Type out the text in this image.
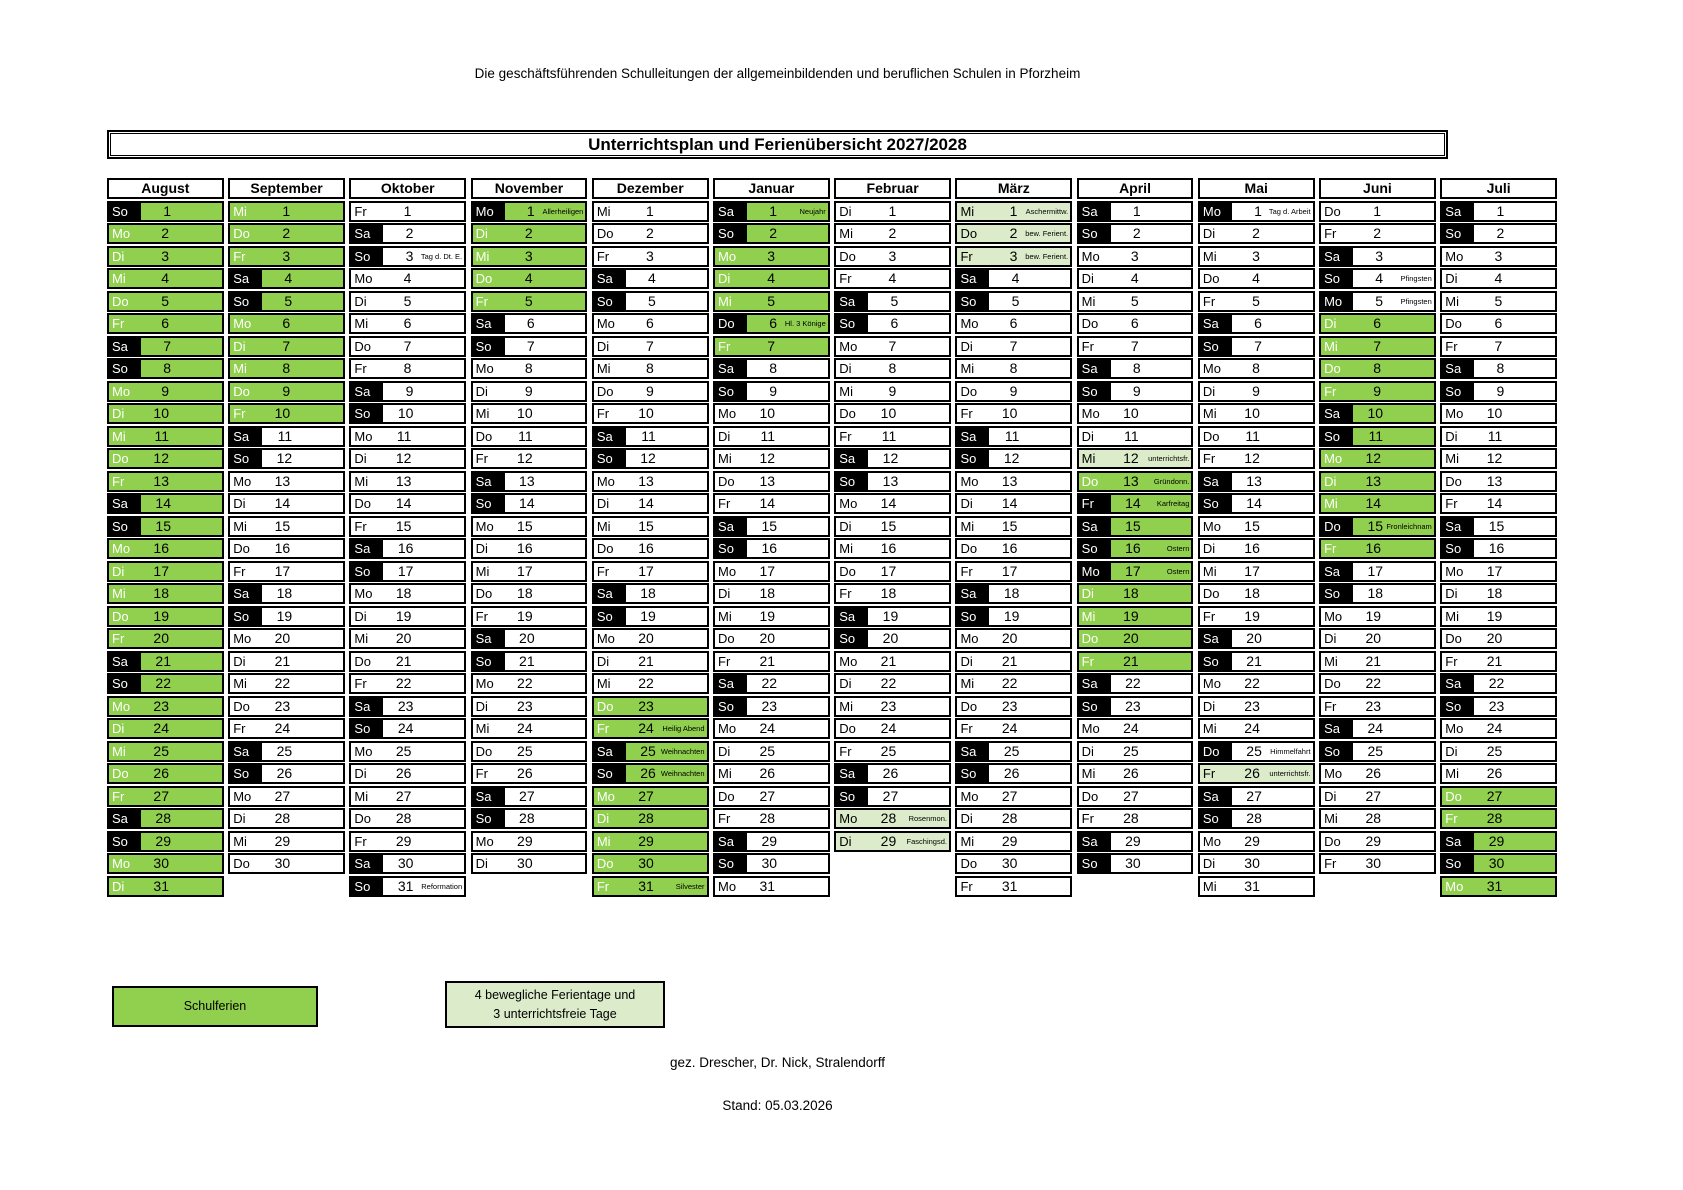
Die geschäftsführenden Schulleitungen der allgemeinbildenden und beruflichen Schulen in Pforzheim
Unterrichtsplan und Ferienübersicht 2027/2028
August
So	1
Mo	2
Di	3
Mi	4
Do	5
Fr	6
Sa	7
So	8
Mo	9
Di	10
Mi	11
Do	12
Fr	13
Sa	14
So	15
Mo	16
Di	17
Mi	18
Do	19
Fr	20
Sa	21
So	22
Mo	23
Di	24
Mi	25
Do	26
Fr	27
Sa	28
So	29
Mo	30
Di	31
September
Mi	1
Do	2
Fr	3
Sa	4
So	5
Mo	6
Di	7
Mi	8
Do	9
Fr	10
Sa	11
So	12
Mo	13
Di	14
Mi	15
Do	16
Fr	17
Sa	18
So	19
Mo	20
Di	21
Mi	22
Do	23
Fr	24
Sa	25
So	26
Mo	27
Di	28
Mi	29
Do	30
Oktober
Fr	1
Sa	2
So	3 Tag d. Dt. E.
Mo	4
Di	5
Mi	6
Do	7
Fr	8
Sa	9
So	10
Mo	11
Di	12
Mi	13
Do	14
Fr	15
Sa	16
So	17
Mo	18
Di	19
Mi	20
Do	21
Fr	22
Sa	23
So	24
Mo	25
Di	26
Mi	27
Do	28
Fr	29
Sa	30
So	31	Reformation
November
Mo	1	Allerheiligen
Di	2
Mi	3
Do	4
Fr	5
Sa	6
So	7
Mo	8
Di	9
Mi	10
Do	11
Fr	12
Sa	13
So	14
Mo	15
Di	16
Mi	17
Do	18
Fr	19
Sa	20
So	21
Mo	22
Di	23
Mi	24
Do	25
Fr	26
Sa	27
So	28
Mo	29
Di	30
Dezember
Mi	1
Do	2
Fr	3
Sa	4
So	5
Mo	6
Di	7
Mi	8
Do	9
Fr	10
Sa	11
So	12
Mo	13
Di	14
Mi	15
Do	16
Fr	17
Sa	18
So	19
Mo	20
Di	21
Mi	22
Do	23
Fr	24	Heilig Abend
Sa	25 Weihnachten
So	26 Weihnachten
Mo	27
Di	28
Mi	29
Do	30
Fr	31	Silvester
Januar
Sa	1	Neujahr
So	2
Mo	3
Di	4
Mi	5
Do	6	Hl. 3 Könige
Fr	7
Sa	8
So	9
Mo	10
Di	11
Mi	12
Do	13
Fr	14
Sa	15
So	16
Mo	17
Di	18
Mi	19
Do	20
Fr	21
Sa	22
So	23
Mo	24
Di	25
Mi	26
Do	27
Fr	28
Sa	29
So	30
Mo	31
Februar
Di	1
Mi	2
Do	3
Fr	4
Sa	5
So	6
Mo	7
Di	8
Mi	9
Do	10
Fr	11
Sa	12
So	13
Mo	14
Di	15
Mi	16
Do	17
Fr	18
Sa	19
So	20
Mo	21
Di	22
Mi	23
Do	24
Fr	25
Sa	26
So	27
Mo	28	Rosenmon.
Di	29	Faschingsd.
März
Mi	1	Aschermittw.
Do	2	bew. Ferient.
Fr	3	bew. Ferient.
Sa	4
So	5
Mo	6
Di	7
Mi	8
Do	9
Fr	10
Sa	11
So	12
Mo	13
Di	14
Mi	15
Do	16
Fr	17
Sa	18
So	19
Mo	20
Di	21
Mi	22
Do	23
Fr	24
Sa	25
So	26
Mo	27
Di	28
Mi	29
Do	30
Fr	31
April
Sa	1
So	2
Mo	3
Di	4
Mi	5
Do	6
Fr	7
Sa	8
So	9
Mo	10
Di	11
Mi	12	unterrichtsfr.
Do	13	Gründonn.
Fr	14	Karfreitag
Sa	15
So	16	Ostern
Mo	17	Ostern
Di	18
Mi	19
Do	20
Fr	21
Sa	22
So	23
Mo	24
Di	25
Mi	26
Do	27
Fr	28
Sa	29
So	30
Mai
Mo	1 Tag d. Arbeit
Di	2
Mi	3
Do	4
Fr	5
Sa	6
So	7
Mo	8
Di	9
Mi	10
Do	11
Fr	12
Sa	13
So	14
Mo	15
Di	16
Mi	17
Do	18
Fr	19
Sa	20
So	21
Mo	22
Di	23
Mi	24
Do	25	Himmelfahrt
Fr	26	unterrichtsfr.
Sa	27
So	28
Mo	29
Di	30
Mi	31
Juni
Do	1
Fr	2
Sa	3
So	4	Pfingsten
Mo	5	Pfingsten
Di	6
Mi	7
Do	8
Fr	9
Sa	10
So	11
Mo	12
Di	13
Mi	14
Do	15 Fronleichnam
Fr	16
Sa	17
So	18
Mo	19
Di	20
Mi	21
Do	22
Fr	23
Sa	24
So	25
Mo	26
Di	27
Mi	28
Do	29
Fr	30
Juli
Sa	1
So	2
Mo	3
Di	4
Mi	5
Do	6
Fr	7
Sa	8
So	9
Mo	10
Di	11
Mi	12
Do	13
Fr	14
Sa	15
So	16
Mo	17
Di	18
Mi	19
Do	20
Fr	21
Sa	22
So	23
Mo	24
Di	25
Mi	26
Do	27
Fr	28
Sa	29
So	30
Mo	31
Schulferien
4 bewegliche Ferientage und
3 unterrichtsfreie Tage
gez. Drescher, Dr. Nick, Stralendorff
Stand: 05.03.2026
